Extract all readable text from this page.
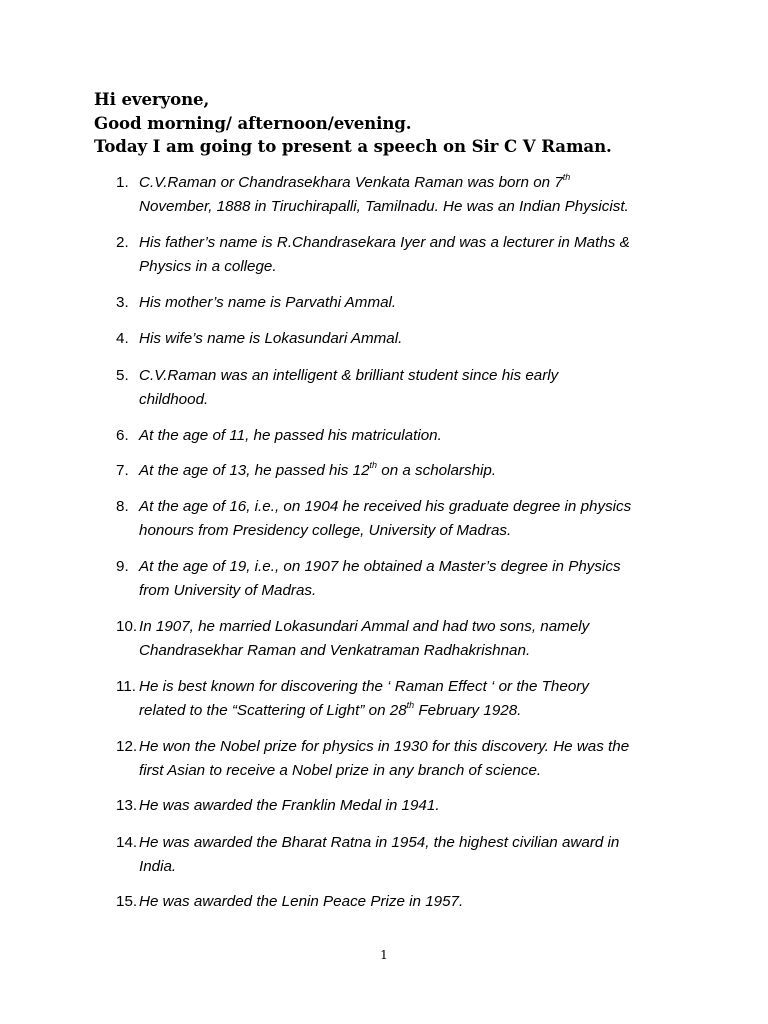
Hi everyone,
Good morning/ afternoon/evening.
Today I am going to present a speech on Sir C V Raman.
1. C.V.Raman or Chandrasekhara Venkata Raman was born on 7th
November, 1888 in Tiruchirapalli, Tamilnadu. He was an Indian Physicist.
2. His father’s name is R.Chandrasekara Iyer and was a lecturer in Maths &
Physics in a college.
3. His mother’s name is Parvathi Ammal.
4. His wife’s name is Lokasundari Ammal.
5. C.V.Raman was an intelligent & brilliant student since his early
childhood.
6. At the age of 11, he passed his matriculation.
7. At the age of 13, he passed his 12th on a scholarship.
8. At the age of 16, i.e., on 1904 he received his graduate degree in physics
honours from Presidency college, University of Madras.
9. At the age of 19, i.e., on 1907 he obtained a Master’s degree in Physics
from University of Madras.
10. In 1907, he married Lokasundari Ammal and had two sons, namely
Chandrasekhar Raman and Venkatraman Radhakrishnan.
11. He is best known for discovering the ‘ Raman Effect ‘ or the Theory
related to the “Scattering of Light” on 28th February 1928.
12. He won the Nobel prize for physics in 1930 for this discovery. He was the
first Asian to receive a Nobel prize in any branch of science.
13. He was awarded the Franklin Medal in 1941.
14. He was awarded the Bharat Ratna in 1954, the highest civilian award in
India.
15. He was awarded the Lenin Peace Prize in 1957.
1
